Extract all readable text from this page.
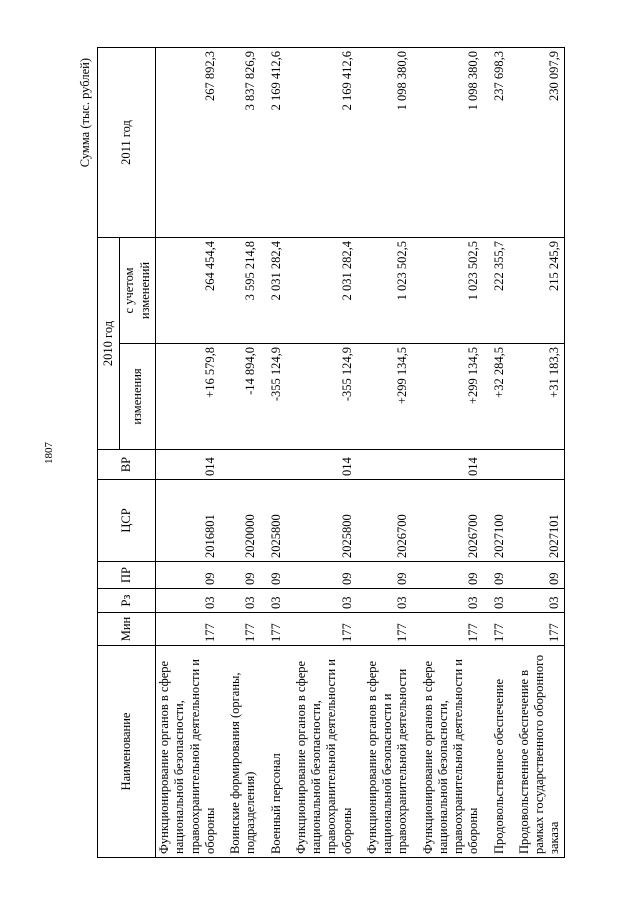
1807
Сумма (тыс. рублей)
Наименование	Мин	Рз	ПР	ЦСР	ВР	2010 год		2011 год
						изменения	с учетом изменений	
Функционирование органов в сфере национальной безопасности, правоохранительной деятельности и обороны	177	03	09	2016801	014	+16 579,8	264 454,4	267 892,3
Воинские формирования (органы, подразделения)	177	03	09	2020000		-14 894,0	3 595 214,8	3 837 826,9
Военный персонал	177	03	09	2025800		-355 124,9	2 031 282,4	2 169 412,6
Функционирование органов в сфере национальной безопасности, правоохранительной деятельности и обороны	177	03	09	2025800	014	-355 124,9	2 031 282,4	2 169 412,6
Функционирование органов в сфере национальной безопасности и правоохранительной деятельности	177	03	09	2026700		+299 134,5	1 023 502,5	1 098 380,0
Функционирование органов в сфере национальной безопасности, правоохранительной деятельности и обороны	177	03	09	2026700	014	+299 134,5	1 023 502,5	1 098 380,0
Продовольственное обеспечение	177	03	09	2027100		+32 284,5	222 355,7	237 698,3
Продовольственное обеспечение в рамках государственного оборонного заказа	177	03	09	2027101		+31 183,3	215 245,9	230 097,9
